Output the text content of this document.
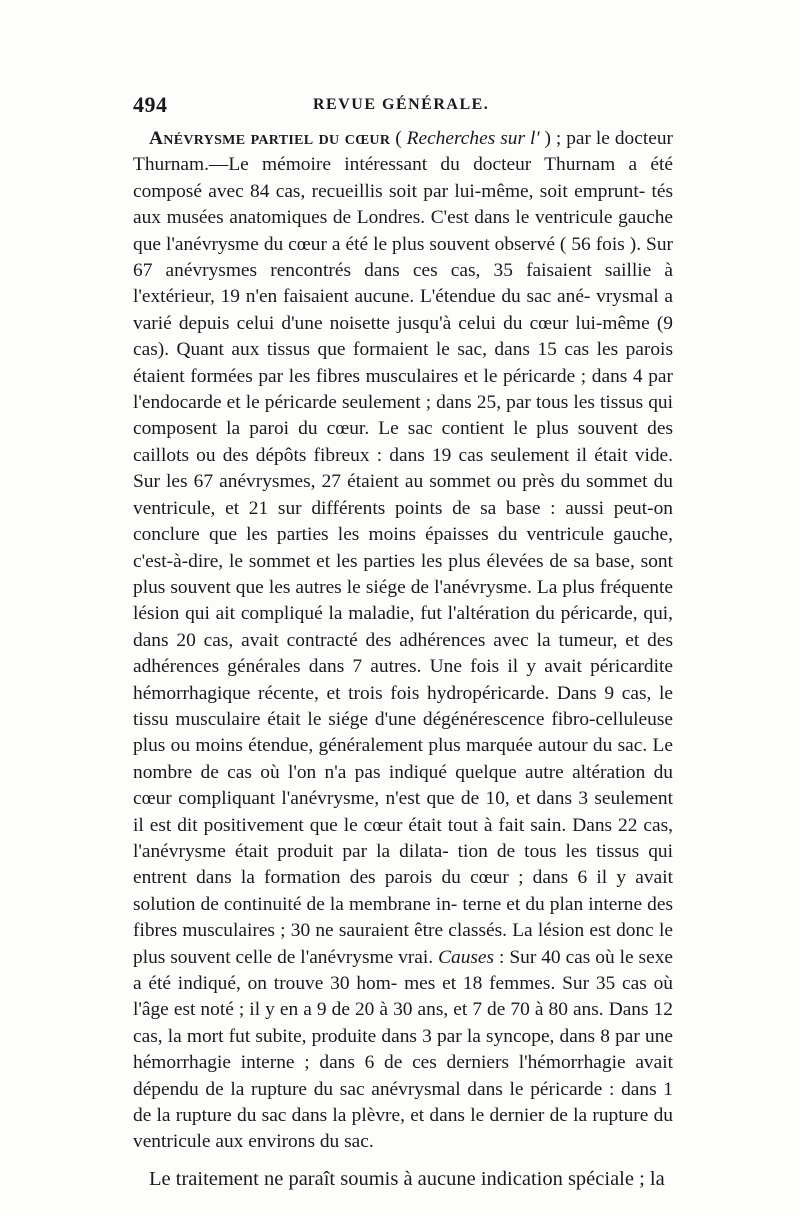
494	REVUE GÉNÉRALE.

Anévrysme partiel du cœur ( Recherches sur l' ) ; par le docteur Thurnam.—Le mémoire intéressant du docteur Thurnam a été composé avec 84 cas, recueillis soit par lui-même, soit emprunt- tés aux musées anatomiques de Londres. C'est dans le ventricule gauche que l'anévrysme du cœur a été le plus souvent observé ( 56 fois ). Sur 67 anévrysmes rencontrés dans ces cas, 35 faisaient saillie à l'extérieur, 19 n'en faisaient aucune. L'étendue du sac ané- vrysmal a varié depuis celui d'une noisette jusqu'à celui du cœur lui-même (9 cas). Quant aux tissus que formaient le sac, dans 15 cas les parois étaient formées par les fibres musculaires et le péricarde ; dans 4 par l'endocarde et le péricarde seulement ; dans 25, par tous les tissus qui composent la paroi du cœur. Le sac contient le plus souvent des caillots ou des dépôts fibreux : dans 19 cas seulement il était vide. Sur les 67 anévrysmes, 27 étaient au sommet ou près du sommet du ventricule, et 21 sur différents points de sa base : aussi peut-on conclure que les parties les moins épaisses du ventricule gauche, c'est-à-dire, le sommet et les parties les plus élevées de sa base, sont plus souvent que les autres le siége de l'anévrysme. La plus fréquente lésion qui ait compliqué la maladie, fut l'altération du péricarde, qui, dans 20 cas, avait contracté des adhérences avec la tumeur, et des adhérences générales dans 7 autres. Une fois il y avait péricardite hémorrhagique récente, et trois fois hydropéricarde. Dans 9 cas, le tissu musculaire était le siége d'une dégénérescence fibro-celluleuse plus ou moins étendue, généralement plus marquée autour du sac. Le nombre de cas où l'on n'a pas indiqué quelque autre altération du cœur compliquant l'anévrysme, n'est que de 10, et dans 3 seulement il est dit positivement que le cœur était tout à fait sain. Dans 22 cas, l'anévrysme était produit par la dilata- tion de tous les tissus qui entrent dans la formation des parois du cœur ; dans 6 il y avait solution de continuité de la membrane in- terne et du plan interne des fibres musculaires ; 30 ne sauraient être classés. La lésion est donc le plus souvent celle de l'anévrysme vrai. Causes : Sur 40 cas où le sexe a été indiqué, on trouve 30 hom- mes et 18 femmes. Sur 35 cas où l'âge est noté ; il y en a 9 de 20 à 30 ans, et 7 de 70 à 80 ans. Dans 12 cas, la mort fut subite, produite dans 3 par la syncope, dans 8 par une hémorrhagie interne ; dans 6 de ces derniers l'hémorrhagie avait dépendu de la rupture du sac anévrysmal dans le péricarde : dans 1 de la rupture du sac dans la plèvre, et dans le dernier de la rupture du ventricule aux environs du sac.

Le traitement ne paraît soumis à aucune indication spéciale ; la
